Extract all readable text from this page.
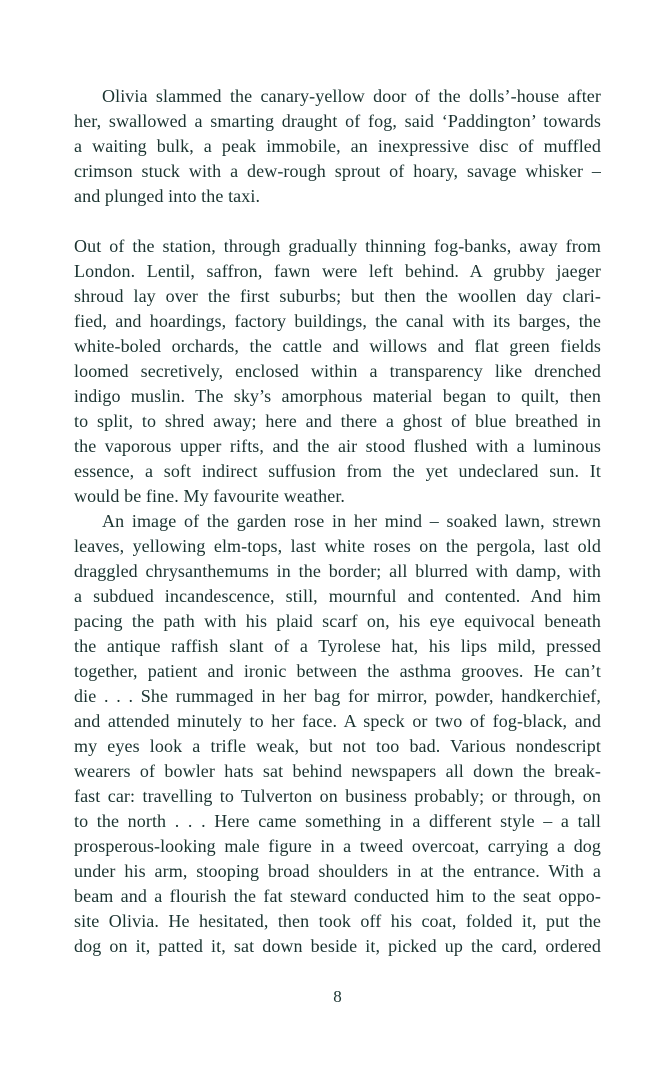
Olivia slammed the canary-yellow door of the dolls’-house after
her, swallowed a smarting draught of fog, said ‘Paddington’ towards
a waiting bulk, a peak immobile, an inexpressive disc of muffled
crimson stuck with a dew-rough sprout of hoary, savage whisker –
and plunged into the taxi.
Out of the station, through gradually thinning fog-banks, away from
London. Lentil, saffron, fawn were left behind. A grubby jaeger
shroud lay over the first suburbs; but then the woollen day clari-
fied, and hoardings, factory buildings, the canal with its barges, the
white-boled orchards, the cattle and willows and flat green fields
loomed secretively, enclosed within a transparency like drenched
indigo muslin. The sky’s amorphous material began to quilt, then
to split, to shred away; here and there a ghost of blue breathed in
the vaporous upper rifts, and the air stood flushed with a luminous
essence, a soft indirect suffusion from the yet undeclared sun. It
would be fine. My favourite weather.
An image of the garden rose in her mind – soaked lawn, strewn
leaves, yellowing elm-tops, last white roses on the pergola, last old
draggled chrysanthemums in the border; all blurred with damp, with
a subdued incandescence, still, mournful and contented. And him
pacing the path with his plaid scarf on, his eye equivocal beneath
the antique raffish slant of a Tyrolese hat, his lips mild, pressed
together, patient and ironic between the asthma grooves. He can’t
die . . . She rummaged in her bag for mirror, powder, handkerchief,
and attended minutely to her face. A speck or two of fog-black, and
my eyes look a trifle weak, but not too bad. Various nondescript
wearers of bowler hats sat behind newspapers all down the break-
fast car: travelling to Tulverton on business probably; or through, on
to the north . . . Here came something in a different style – a tall
prosperous-looking male figure in a tweed overcoat, carrying a dog
under his arm, stooping broad shoulders in at the entrance. With a
beam and a flourish the fat steward conducted him to the seat oppo-
site Olivia. He hesitated, then took off his coat, folded it, put the
dog on it, patted it, sat down beside it, picked up the card, ordered
8
